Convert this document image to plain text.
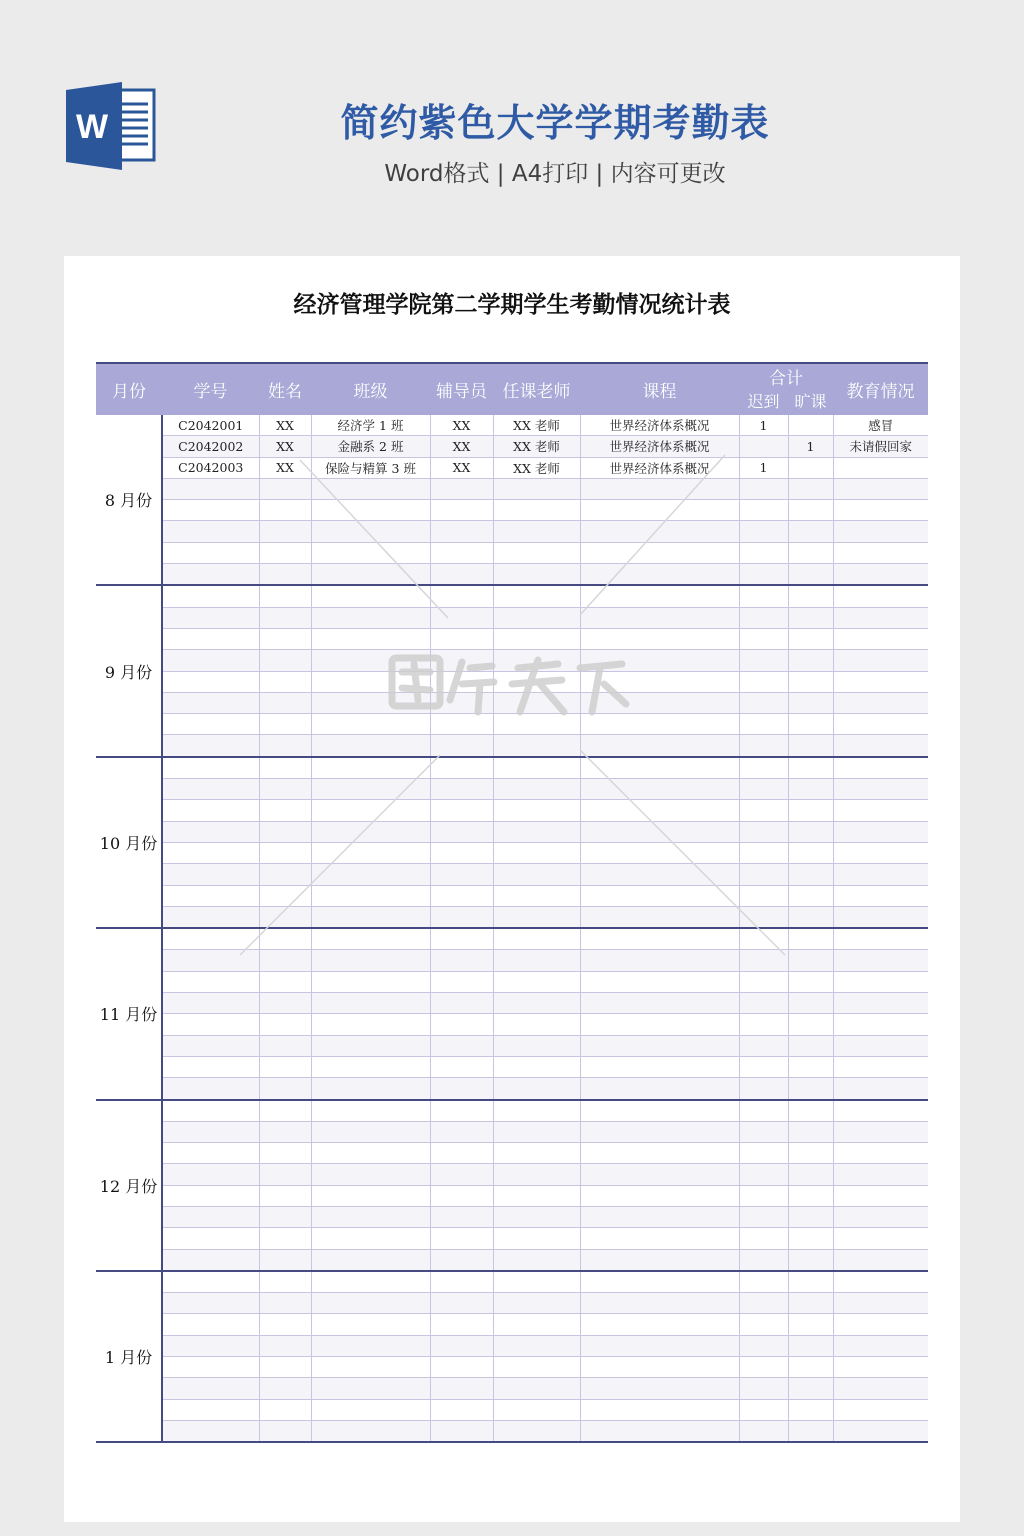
W	简约紫色大学学期考勤表
Word格式 | A4打印 | 内容可更改
经济管理学院第二学期学生考勤情况统计表
月份	学号	姓名	班级	辅导员	任课老师	课程	合计		教育情况
							迟到	旷课	
8 月份	C2042001	XX	经济学 1 班	XX	XX 老师	世界经济体系概况	1		感冒
	C2042002	XX	金融系 2 班	XX	XX 老师	世界经济体系概况		1	未请假回家
	C2042003	XX	保险与精算 3 班	XX	XX 老师	世界经济体系概况	1		

9 月份									

10 月份									

11 月份									

12 月份									

1 月份									
